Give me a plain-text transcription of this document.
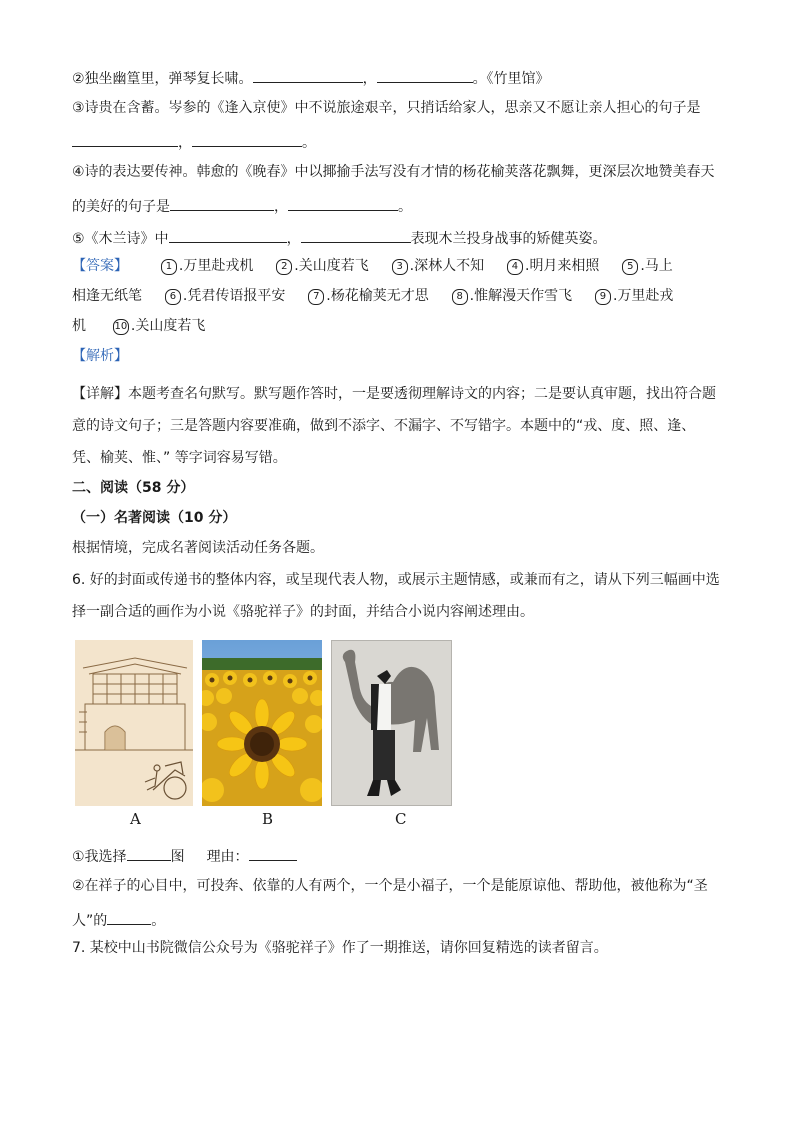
②独坐幽篁里，弹琴复长啸。	，	。《竹里馆》
③诗贵在含蓄。岑参的《逢入京使》中不说旅途艰辛，只捎话给家人，思亲又不愿让亲人担心的句子是
，	。
④诗的表达要传神。韩愈的《晚春》中以揶揄手法写没有才情的杨花榆荚落花飘舞，更深层次地赞美春天
的美好的句子是	，	。
⑤《木兰诗》中	，	表现木兰投身战事的矫健英姿。
【答案】	1 .万里赴戎机	2 .关山度若飞	3 .深林人不知	4 .明月来相照	5 .马上
相逢无纸笔	6 .凭君传语报平安	7 .杨花榆荚无才思	8 .惟解漫天作雪飞	9 .万里赴戎
机	10 .关山度若飞
【解析】
【详解】本题考查名句默写。默写题作答时，一是要透彻理解诗文的内容；二是要认真审题，找出符合题
意的诗文句子；三是答题内容要准确，做到不添字、不漏字、不写错字。本题中的“戎、度、照、逢、
凭、榆荚、惟、” 等字词容易写错。
二、阅读（58 分）
（一）名著阅读（10 分）
根据情境，完成名著阅读活动任务各题。
6. 好的封面或传递书的整体内容，或呈现代表人物，或展示主题情感，或兼而有之，请从下列三幅画中选
择一副合适的画作为小说《骆驼祥子》的封面，并结合小说内容阐述理由。
A	B	C
①我选择	图 理由：
②在祥子的心目中，可投奔、依靠的人有两个，一个是小福子，一个是能原谅他、帮助他，被他称为“圣
人”的	。
7. 某校中山书院微信公众号为《骆驼祥子》作了一期推送，请你回复精选的读者留言。
